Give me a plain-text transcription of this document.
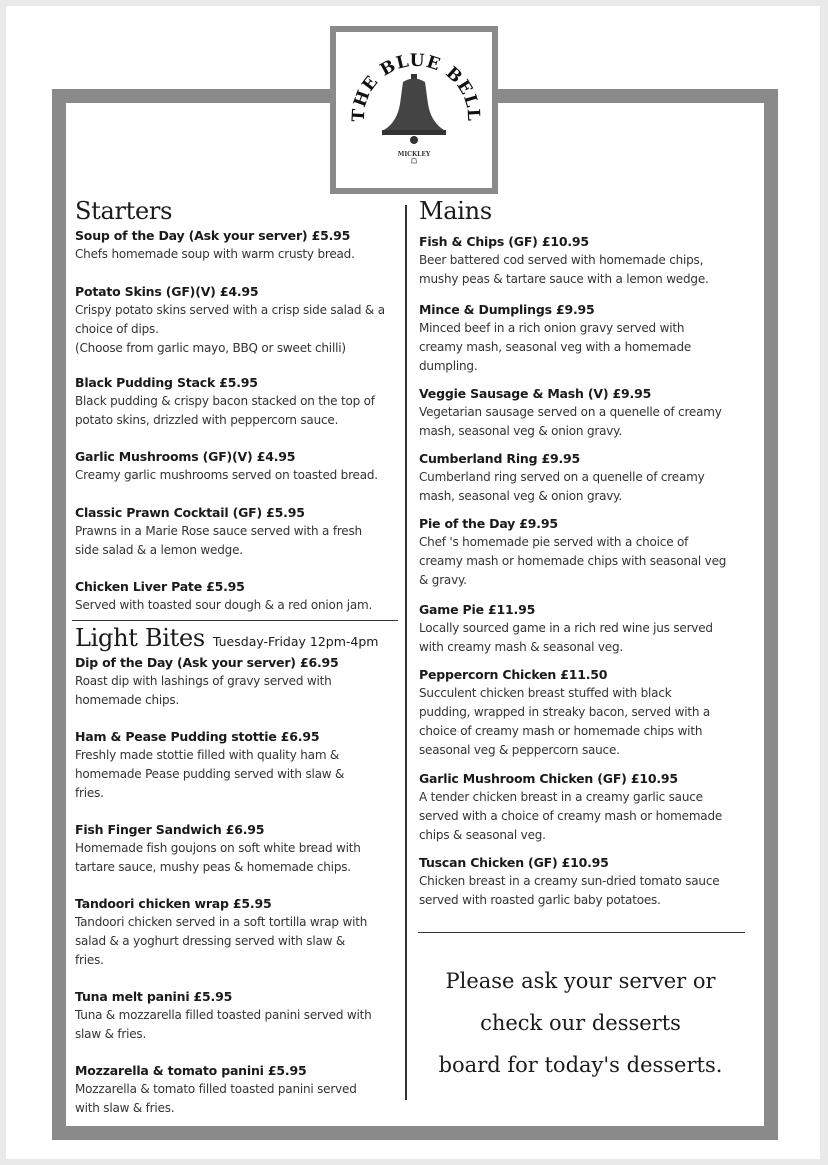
THE BLUE BELL
MICKLEY
Starters

Soup of the Day (Ask your server) £5.95

Chefs homemade soup with warm crusty bread.

Potato Skins (GF)(V) £4.95

Crispy potato skins served with a crisp side salad & a
choice of dips.
(Choose from garlic mayo, BBQ or sweet chilli)

Black Pudding Stack £5.95

Black pudding & crispy bacon stacked on the top of
potato skins, drizzled with peppercorn sauce.

Garlic Mushrooms (GF)(V) £4.95

Creamy garlic mushrooms served on toasted bread.

Classic Prawn Cocktail (GF) £5.95

Prawns in a Marie Rose sauce served with a fresh
side salad & a lemon wedge.

Chicken Liver Pate £5.95

Served with toasted sour dough & a red onion jam.

Light Bites Tuesday-Friday 12pm-4pm

Dip of the Day (Ask your server) £6.95

Roast dip with lashings of gravy served with
homemade chips.

Ham & Pease Pudding stottie £6.95

Freshly made stottie filled with quality ham &
homemade Pease pudding served with slaw &
fries.

Fish Finger Sandwich £6.95

Homemade fish goujons on soft white bread with
tartare sauce, mushy peas & homemade chips.

Tandoori chicken wrap £5.95

Tandoori chicken served in a soft tortilla wrap with
salad & a yoghurt dressing served with slaw &
fries.

Tuna melt panini £5.95

Tuna & mozzarella filled toasted panini served with
slaw & fries.

Mozzarella & tomato panini £5.95

Mozzarella & tomato filled toasted panini served
with slaw & fries.

Mains

Fish & Chips (GF) £10.95

Beer battered cod served with homemade chips,
mushy peas & tartare sauce with a lemon wedge.

Mince & Dumplings £9.95

Minced beef in a rich onion gravy served with
creamy mash, seasonal veg with a homemade
dumpling.

Veggie Sausage & Mash (V) £9.95

Vegetarian sausage served on a quenelle of creamy
mash, seasonal veg & onion gravy.

Cumberland Ring £9.95

Cumberland ring served on a quenelle of creamy
mash, seasonal veg & onion gravy.

Pie of the Day £9.95

Chef 's homemade pie served with a choice of
creamy mash or homemade chips with seasonal veg
& gravy.

Game Pie £11.95

Locally sourced game in a rich red wine jus served
with creamy mash & seasonal veg.

Peppercorn Chicken £11.50

Succulent chicken breast stuffed with black
pudding, wrapped in streaky bacon, served with a
choice of creamy mash or homemade chips with
seasonal veg & peppercorn sauce.

Garlic Mushroom Chicken (GF) £10.95

A tender chicken breast in a creamy garlic sauce
served with a choice of creamy mash or homemade
chips & seasonal veg.

Tuscan Chicken (GF) £10.95

Chicken breast in a creamy sun-dried tomato sauce
served with roasted garlic baby potatoes.

Please ask your server or
check our desserts
board for today's desserts.
